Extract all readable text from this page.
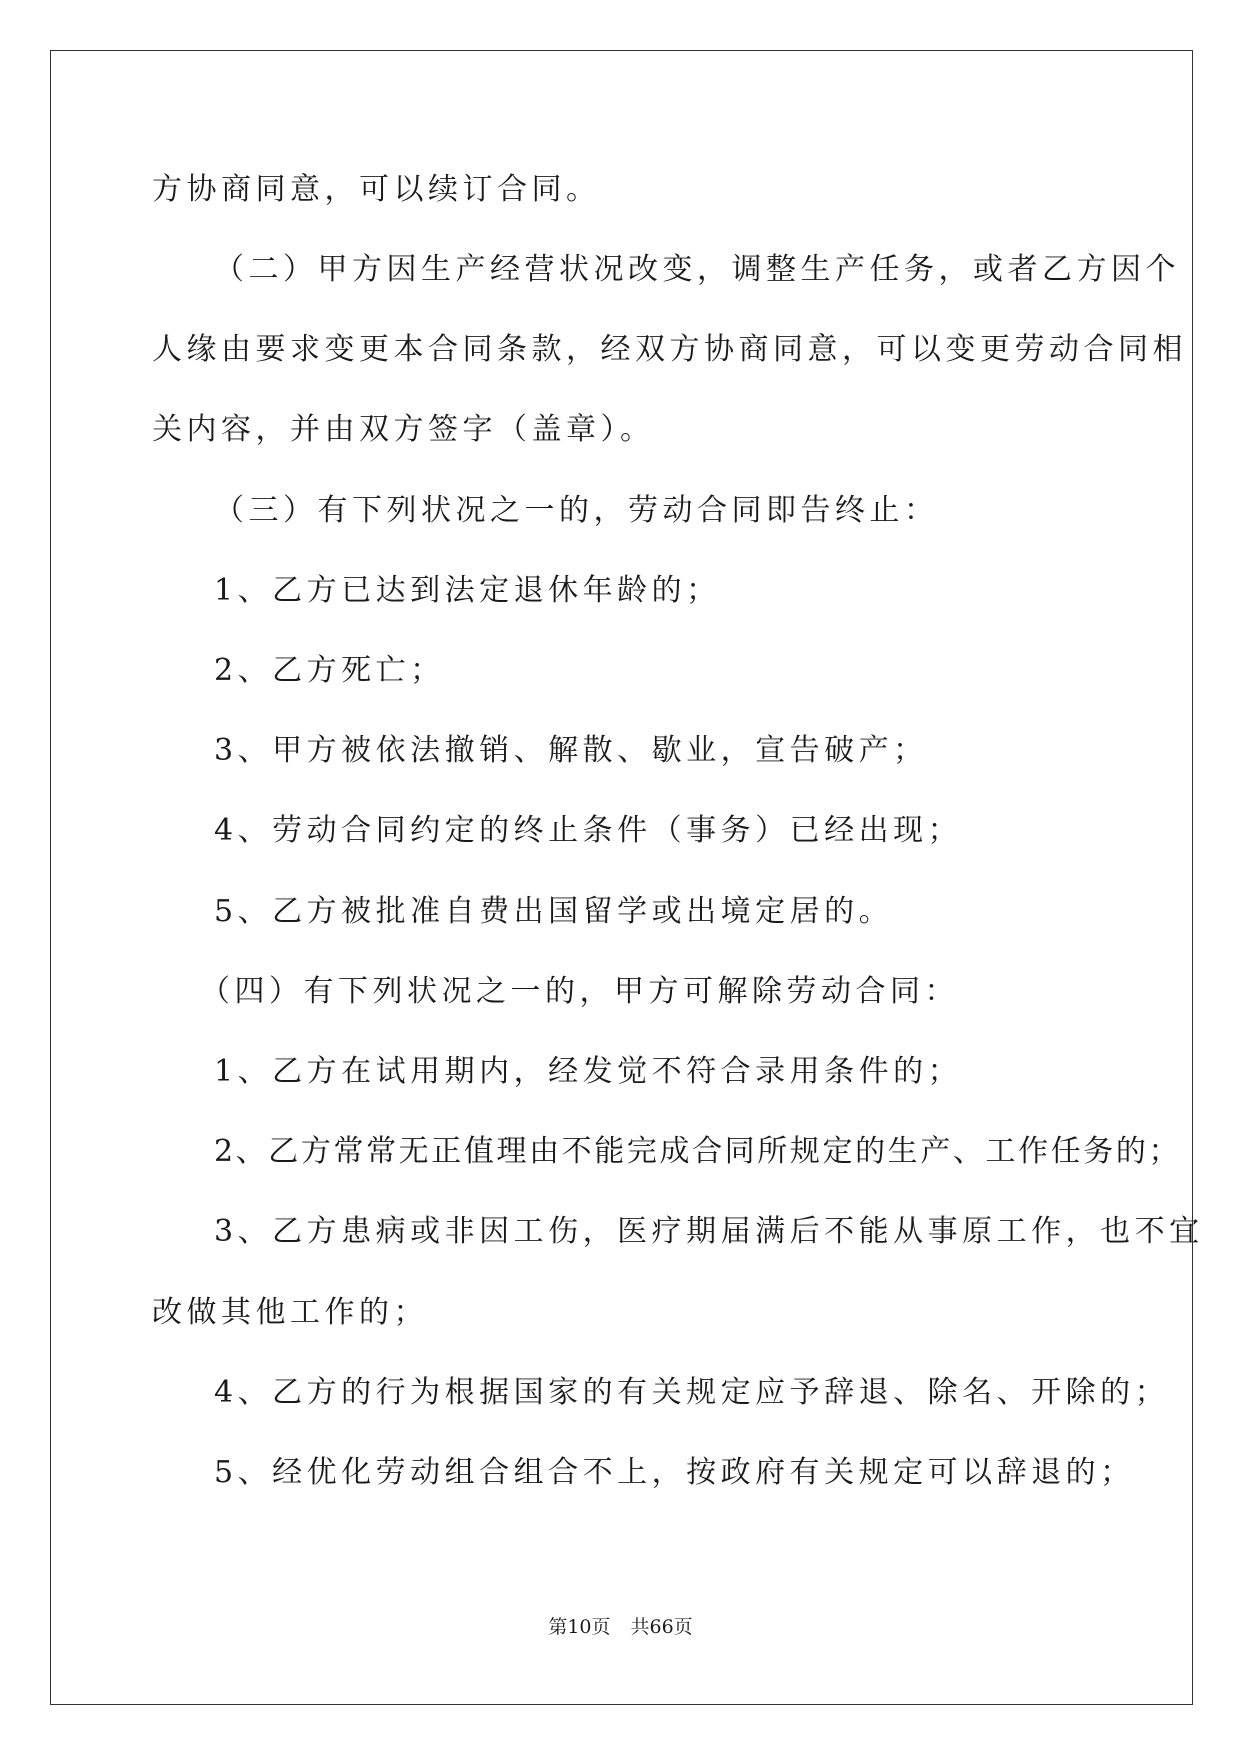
方协商同意，可以续订合同。
（二）甲方因生产经营状况改变，调整生产任务，或者乙方因个
人缘由要求变更本合同条款，经双方协商同意，可以变更劳动合同相
关内容，并由双方签字（盖章）。
（三）有下列状况之一的，劳动合同即告终止：
1、乙方已达到法定退休年龄的；
2、乙方死亡；
3、甲方被依法撤销、解散、歇业，宣告破产；
4、劳动合同约定的终止条件（事务）已经出现；
5、乙方被批准自费出国留学或出境定居的。
（四）有下列状况之一的，甲方可解除劳动合同：
1、乙方在试用期内，经发觉不符合录用条件的；
2、乙方常常无正值理由不能完成合同所规定的生产、工作任务的；
3、乙方患病或非因工伤，医疗期届满后不能从事原工作，也不宜
改做其他工作的；
4、乙方的行为根据国家的有关规定应予辞退、除名、开除的；
5、经优化劳动组合组合不上，按政府有关规定可以辞退的；
第10页 共66页
